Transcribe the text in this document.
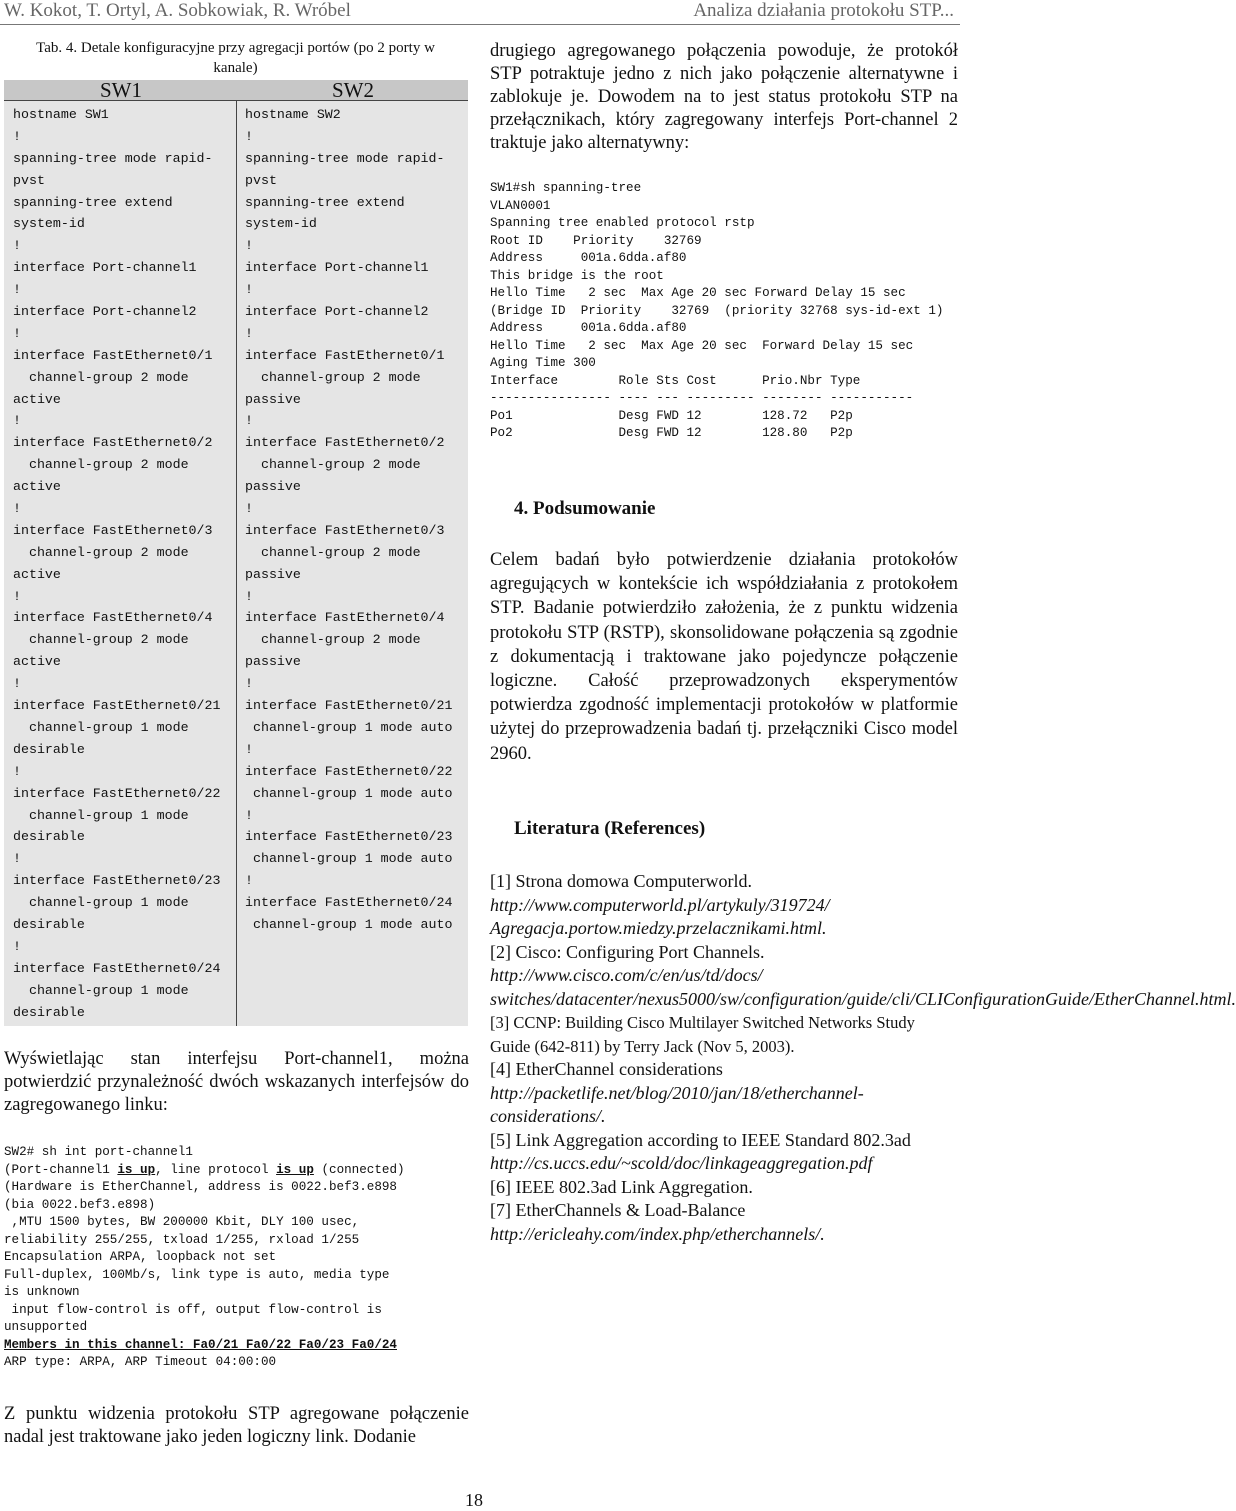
W. Kokot, T. Ortyl, A. Sobkowiak, R. Wróbel	Analiza działania protokołu STP...
Tab. 4. Detale konfiguracyjne przy agregacji portów (po 2 porty w
kanale)
SW1	SW2
hostname SW1
!
spanning-tree mode rapid-
pvst
spanning-tree extend
system-id
!
interface Port-channel1
!
interface Port-channel2
!
interface FastEthernet0/1
channel-group 2 mode
active
!
interface FastEthernet0/2
channel-group 2 mode
active
!
interface FastEthernet0/3
channel-group 2 mode
active
!
interface FastEthernet0/4
channel-group 2 mode
active
!
interface FastEthernet0/21
channel-group 1 mode
desirable
!
interface FastEthernet0/22
channel-group 1 mode
desirable
!
interface FastEthernet0/23
channel-group 1 mode
desirable
!
interface FastEthernet0/24
channel-group 1 mode
desirable
hostname SW2
!
spanning-tree mode rapid-
pvst
spanning-tree extend
system-id
!
interface Port-channel1
!
interface Port-channel2
!
interface FastEthernet0/1
channel-group 2 mode
passive
!
interface FastEthernet0/2
channel-group 2 mode
passive
!
interface FastEthernet0/3
channel-group 2 mode
passive
!
interface FastEthernet0/4
channel-group 2 mode
passive
!
interface FastEthernet0/21
channel-group 1 mode auto
!
interface FastEthernet0/22
channel-group 1 mode auto
!
interface FastEthernet0/23
channel-group 1 mode auto
!
interface FastEthernet0/24
channel-group 1 mode auto
Wyświetlając stan interfejsu Port-channel1, można potwierdzić przynależność dwóch wskazanych interfejsów do zagregowanego linku:
SW2# sh int port-channel1
(Port-channel1 is up, line protocol is up (connected)
(Hardware is EtherChannel, address is 0022.bef3.e898
(bia 0022.bef3.e898)
,MTU 1500 bytes, BW 200000 Kbit, DLY 100 usec,
reliability 255/255, txload 1/255, rxload 1/255
Encapsulation ARPA, loopback not set
Full-duplex, 100Mb/s, link type is auto, media type
is unknown
input flow-control is off, output flow-control is
unsupported
Members in this channel: Fa0/21 Fa0/22 Fa0/23 Fa0/24
ARP type: ARPA, ARP Timeout 04:00:00
Z punktu widzenia protokołu STP agregowane połączenie nadal jest traktowane jako jeden logiczny link. Dodanie
drugiego agregowanego połączenia powoduje, że protokół STP potraktuje jedno z nich jako połączenie alternatywne i zablokuje je. Dowodem na to jest status protokołu STP na przełącznikach, który zagregowany interfejs Port-channel 2 traktuje jako alternatywny:
SW1#sh spanning-tree
VLAN0001
Spanning tree enabled protocol rstp
Root ID    Priority    32769
Address     001a.6dda.af80
This bridge is the root
Hello Time   2 sec  Max Age 20 sec Forward Delay 15 sec
(Bridge ID  Priority    32769  (priority 32768 sys-id-ext 1)
Address     001a.6dda.af80
Hello Time   2 sec  Max Age 20 sec  Forward Delay 15 sec
Aging Time 300
Interface        Role Sts Cost      Prio.Nbr Type
---------------- ---- --- --------- -------- -----------
Po1              Desg FWD 12        128.72   P2p
Po2              Desg FWD 12        128.80   P2p
4. Podsumowanie
Celem badań było potwierdzenie działania protokołów agregujących w kontekście ich współdziałania z protokołem STP. Badanie potwierdziło założenia, że z punktu widzenia protokołu STP (RSTP), skonsolidowane połączenia są zgodnie z dokumentacją i traktowane jako pojedyncze połączenie logiczne. Całość przeprowadzonych eksperymentów potwierdza zgodność implementacji protokołów w platformie użytej do przeprowadzenia badań tj. przełączniki Cisco model 2960.
Literatura (References)
[1] Strona domowa Computerworld. http://www.computerworld.pl/artykuly/319724/ Agregacja.portow.miedzy.przelacznikami.html.
[2] Cisco: Configuring Port Channels. http://www.cisco.com/c/en/us/td/docs/ switches/datacenter/nexus5000/sw/configuration/guide/cli/CLIConfigurationGuide/EtherChannel.html.
[3] CCNP: Building Cisco Multilayer Switched Networks Study Guide (642-811) by Terry Jack (Nov 5, 2003).
[4] EtherChannel considerations http://packetlife.net/blog/2010/jan/18/etherchannel-considerations/.
[5] Link Aggregation according to IEEE Standard 802.3ad http://cs.uccs.edu/~scold/doc/linkageaggregation.pdf
[6] IEEE 802.3ad Link Aggregation.
[7] EtherChannels & Load-Balance http://ericleahy.com/index.php/etherchannels/.
18
